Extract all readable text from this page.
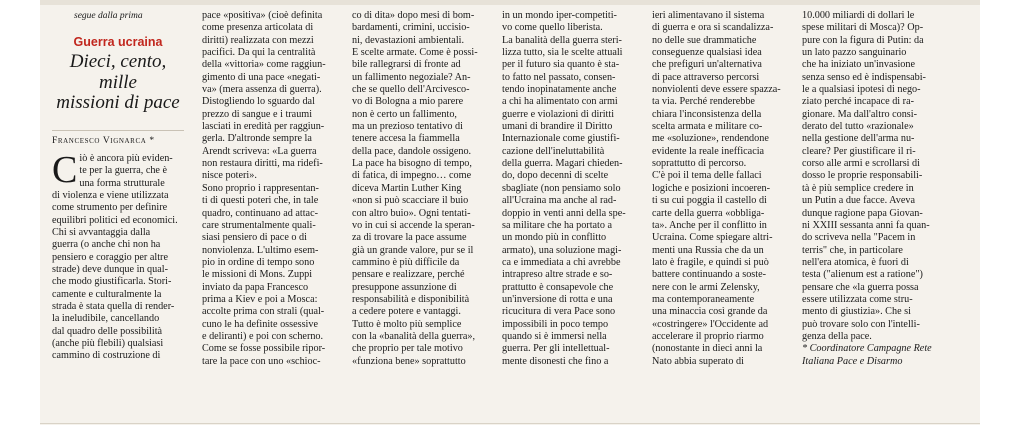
segue dalla prima
Guerra ucraina
Dieci, cento,
mille
missioni di pace
Francesco Vignarca *
C iò è ancora più eviden-
te per la guerra, che è
una forma strutturale
di violenza e viene utilizzata
come strumento per definire
equilibri politici ed economici.
Chi si avvantaggia dalla
guerra (o anche chi non ha
pensiero e coraggio per altre
strade) deve dunque in qual-
che modo giustificarla. Stori-
camente e culturalmente la
strada è stata quella di render-
la ineludibile, cancellando
dal quadro delle possibilità
(anche più flebili) qualsiasi
cammino di costruzione di

pace «positiva» (cioè definita
come presenza articolata di
diritti) realizzata con mezzi
pacifici. Da qui la centralità
della «vittoria» come raggiun-
gimento di una pace «negati-
va» (mera assenza di guerra).
Distogliendo lo sguardo dal
prezzo di sangue e i traumi
lasciati in eredità per raggiun-
gerla. D'altronde sempre la
Arendt scriveva: «La guerra
non restaura diritti, ma ridefi-
nisce poteri».
Sono proprio i rappresentan-
ti di questi poteri che, in tale
quadro, continuano ad attac-
care strumentalmente quali-
siasi pensiero di pace o di
nonviolenza. L'ultimo esem-
pio in ordine di tempo sono
le missioni di Mons. Zuppi
inviato da papa Francesco
prima a Kiev e poi a Mosca:
accolte prima con strali (qual-
cuno le ha definite ossessive
e deliranti) e poi con scherno.
Come se fosse possibile ripor-
tare la pace con uno «schioc-

co di dita» dopo mesi di bom-
bardamenti, crimini, uccisio-
ni, devastazioni ambientali.
E scelte armate. Come è possi-
bile rallegrarsi di fronte ad
un fallimento negoziale? An-
che se quello dell'Arcivesco-
vo di Bologna a mio parere
non è certo un fallimento,
ma un prezioso tentativo di
tenere accesa la fiammella
della pace, dandole ossigeno.
La pace ha bisogno di tempo,
di fatica, di impegno… come
diceva Martin Luther King
«non si può scacciare il buio
con altro buio». Ogni tentati-
vo in cui si accende la speran-
za di trovare la pace assume
già un grande valore, pur se il
cammino è più difficile da
pensare e realizzare, perché
presuppone assunzione di
responsabilità e disponibilità
a cedere potere e vantaggi.
Tutto è molto più semplice
con la «banalità della guerra»,
che proprio per tale motivo
«funziona bene» soprattutto

in un mondo iper-competiti-
vo come quello liberista.
La banalità della guerra steri-
lizza tutto, sia le scelte attuali
per il futuro sia quanto è sta-
to fatto nel passato, consen-
tendo inopinatamente anche
a chi ha alimentato con armi
guerre e violazioni di diritti
umani di brandire il Diritto
Internazionale come giustifi-
cazione dell'ineluttabilità
della guerra. Magari chieden-
do, dopo decenni di scelte
sbagliate (non pensiamo solo
all'Ucraina ma anche al rad-
doppio in venti anni della spe-
sa militare che ha portato a
un mondo più in conflitto
armato), una soluzione magi-
ca e immediata a chi avrebbe
intrapreso altre strade e so-
prattutto è consapevole che
un'inversione di rotta e una
ricucitura di vera Pace sono
impossibili in poco tempo
quando si è immersi nella
guerra. Per gli intellettual-
mente disonesti che fino a

ieri alimentavano il sistema
di guerra e ora si scandalizza-
no delle sue drammatiche
conseguenze qualsiasi idea
che prefiguri un'alternativa
di pace attraverso percorsi
nonviolenti deve essere spazza-
ta via. Perché renderebbe
chiara l'inconsistenza della
scelta armata e militare co-
me «soluzione», rendendone
evidente la reale inefficacia
soprattutto di percorso.
C'è poi il tema delle fallaci
logiche e posizioni incoeren-
ti su cui poggia il castello di
carte della guerra «obbliga-
ta». Anche per il conflitto in
Ucraina. Come spiegare altri-
menti una Russia che da un
lato è fragile, e quindi si può
battere continuando a soste-
nere con le armi Zelensky,
ma contemporaneamente
una minaccia così grande da
«costringere» l'Occidente ad
accelerare il proprio riarmo
(nonostante in dieci anni la
Nato abbia superato di

10.000 miliardi di dollari le
spese militari di Mosca)? Op-
pure con la figura di Putin: da
un lato pazzo sanguinario
che ha iniziato un'invasione
senza senso ed è indispensabi-
le a qualsiasi ipotesi di nego-
ziato perché incapace di ra-
gionare. Ma dall'altro consi-
derato del tutto «razionale»
nella gestione dell'arma nu-
cleare? Per giustificare il ri-
corso alle armi e scrollarsi di
dosso le proprie responsabili-
tà è più semplice credere in
un Putin a due facce. Aveva
dunque ragione papa Giovan-
ni XXIII sessanta anni fa quan-
do scriveva nella "Pacem in
terris" che, in particolare
nell'era atomica, è fuori di
testa ("alienum est a ratione")
pensare che «la guerra possa
essere utilizzata come stru-
mento di giustizia». Che si
può trovare solo con l'intelli-
genza della pace.

* Coordinatore Campagne Rete
Italiana Pace e Disarmo
